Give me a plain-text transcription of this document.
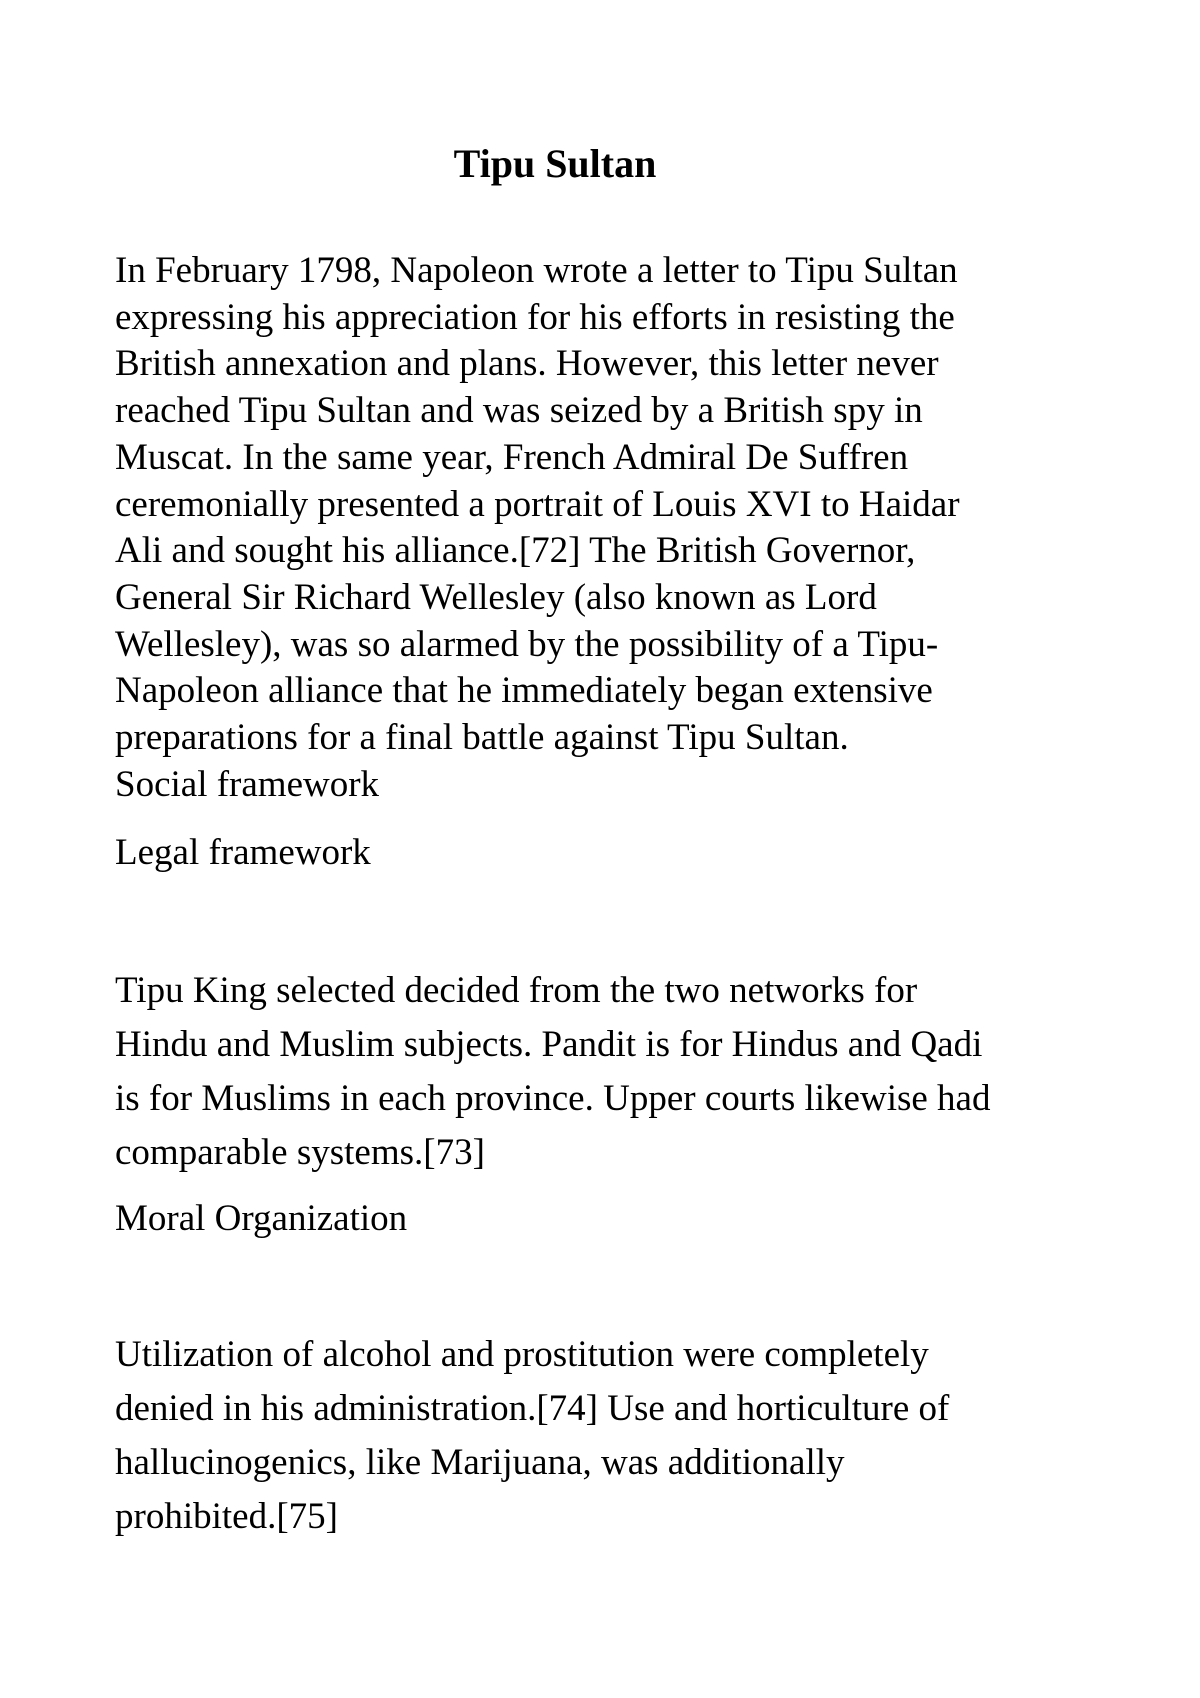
Tipu Sultan

In February 1798, Napoleon wrote a letter to Tipu Sultan
expressing his appreciation for his efforts in resisting the
British annexation and plans. However, this letter never
reached Tipu Sultan and was seized by a British spy in
Muscat. In the same year, French Admiral De Suffren
ceremonially presented a portrait of Louis XVI to Haidar
Ali and sought his alliance.[72] The British Governor,
General Sir Richard Wellesley (also known as Lord
Wellesley), was so alarmed by the possibility of a Tipu-
Napoleon alliance that he immediately began extensive
preparations for a final battle against Tipu Sultan.
Social framework

Legal framework

Tipu King selected decided from the two networks for
Hindu and Muslim subjects. Pandit is for Hindus and Qadi
is for Muslims in each province. Upper courts likewise had
comparable systems.[73]

Moral Organization

Utilization of alcohol and prostitution were completely
denied in his administration.[74] Use and horticulture of
hallucinogenics, like Marijuana, was additionally
prohibited.[75]
